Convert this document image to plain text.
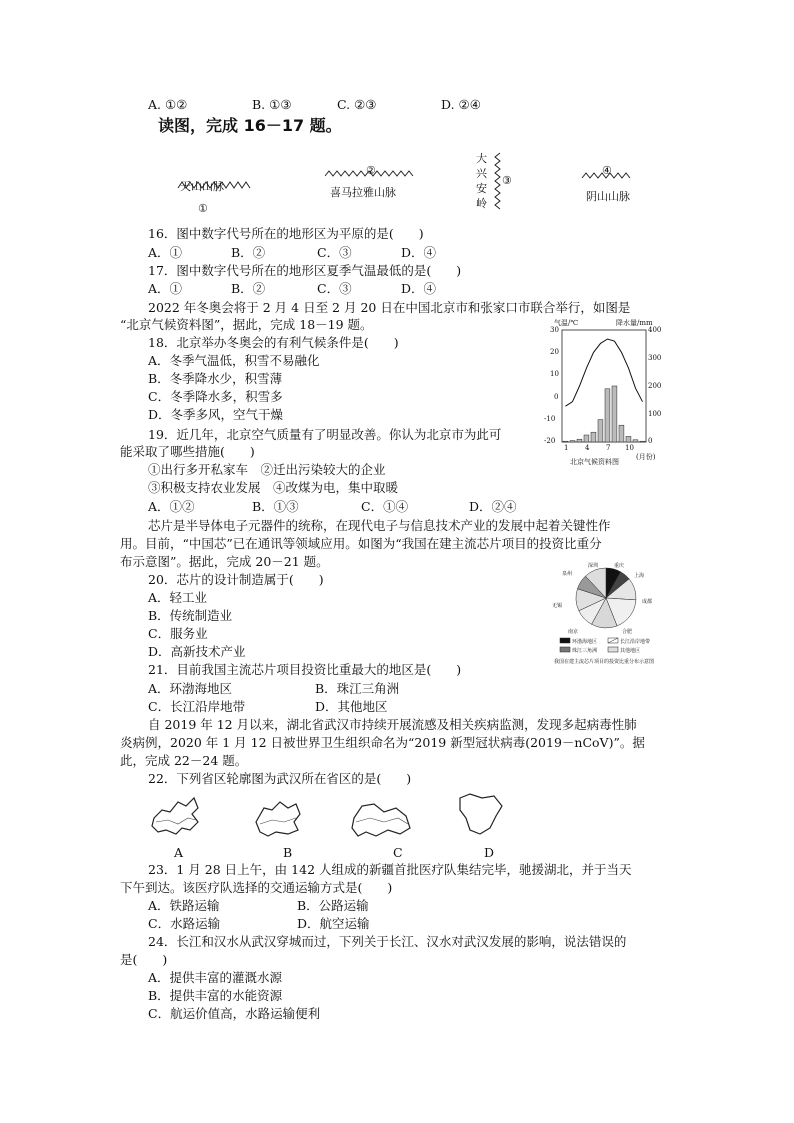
A. ①②	B. ①③	C. ②③	D. ②④
读图，完成 16－17 题。
天山山脉
①
②
喜马拉雅山脉
大
兴
安
岭
③
④
阴山山脉
16．图中数字代号所在的地形区为平原的是(　　)
A．①	B．②	C．③	D．④
17．图中数字代号所在的地形区夏季气温最低的是(　　)
A．①	B．②	C．③	D．④
2022 年冬奥会将于 2 月 4 日至 2 月 20 日在中国北京市和张家口市联合举行，如图是
“北京气候资料图”，据此，完成 18－19 题。	气温/℃	降水量/mm
30
20
10
0
-10
-20
400
300
200
100
0
1 4 7 10
(月份)
北京气候资料图
18．北京举办冬奥会的有利气候条件是(　　)
A．冬季气温低，积雪不易融化
B．冬季降水少，积雪薄
C．冬季降水多，积雪多
D．冬季多风，空气干燥
19．近几年，北京空气质量有了明显改善。你认为北京市为此可
能采取了哪些措施(　　)
①出行多开私家车　②迁出污染较大的企业
③积极支持农业发展　④改煤为电，集中取暖
A．①②	B．①③	C．①④	D．②④
芯片是半导体电子元器件的统称，在现代电子与信息技术产业的发展中起着关键性作
用。目前，“中国芯”已在通讯等领域应用。如图为“我国在建主流芯片项目的投资比重分
布示意图”。据此，完成 20－21 题。
泉州
深圳	重庆
上海
无锡
成都
南京	合肥
环渤海地区	长江沿岸地带
珠江三角洲	其他地区
我国在建主流芯片项目的投资比重分布示意图
20．芯片的设计制造属于(　　)
A．轻工业
B．传统制造业
C．服务业
D．高新技术产业
21．目前我国主流芯片项目投资比重最大的地区是(　　)
A．环渤海地区	B．珠江三角洲
C．长江沿岸地带	D．其他地区
自 2019 年 12 月以来，湖北省武汉市持续开展流感及相关疾病监测，发现多起病毒性肺
炎病例，2020 年 1 月 12 日被世界卫生组织命名为“2019 新型冠状病毒(2019－nCoV)”。据
此，完成 22－24 题。
22．下列省区轮廓图为武汉所在省区的是(　　)
A	B	C	D
23．1 月 28 日上午，由 142 人组成的新疆首批医疗队集结完毕，驰援湖北，并于当天
下午到达。该医疗队选择的交通运输方式是(　　)
A．铁路运输	B．公路运输
C．水路运输	D．航空运输
24．长江和汉水从武汉穿城而过，下列关于长江、汉水对武汉发展的影响，说法错误的
是(　　)
A．提供丰富的灌溉水源
B．提供丰富的水能资源
C．航运价值高，水路运输便利
